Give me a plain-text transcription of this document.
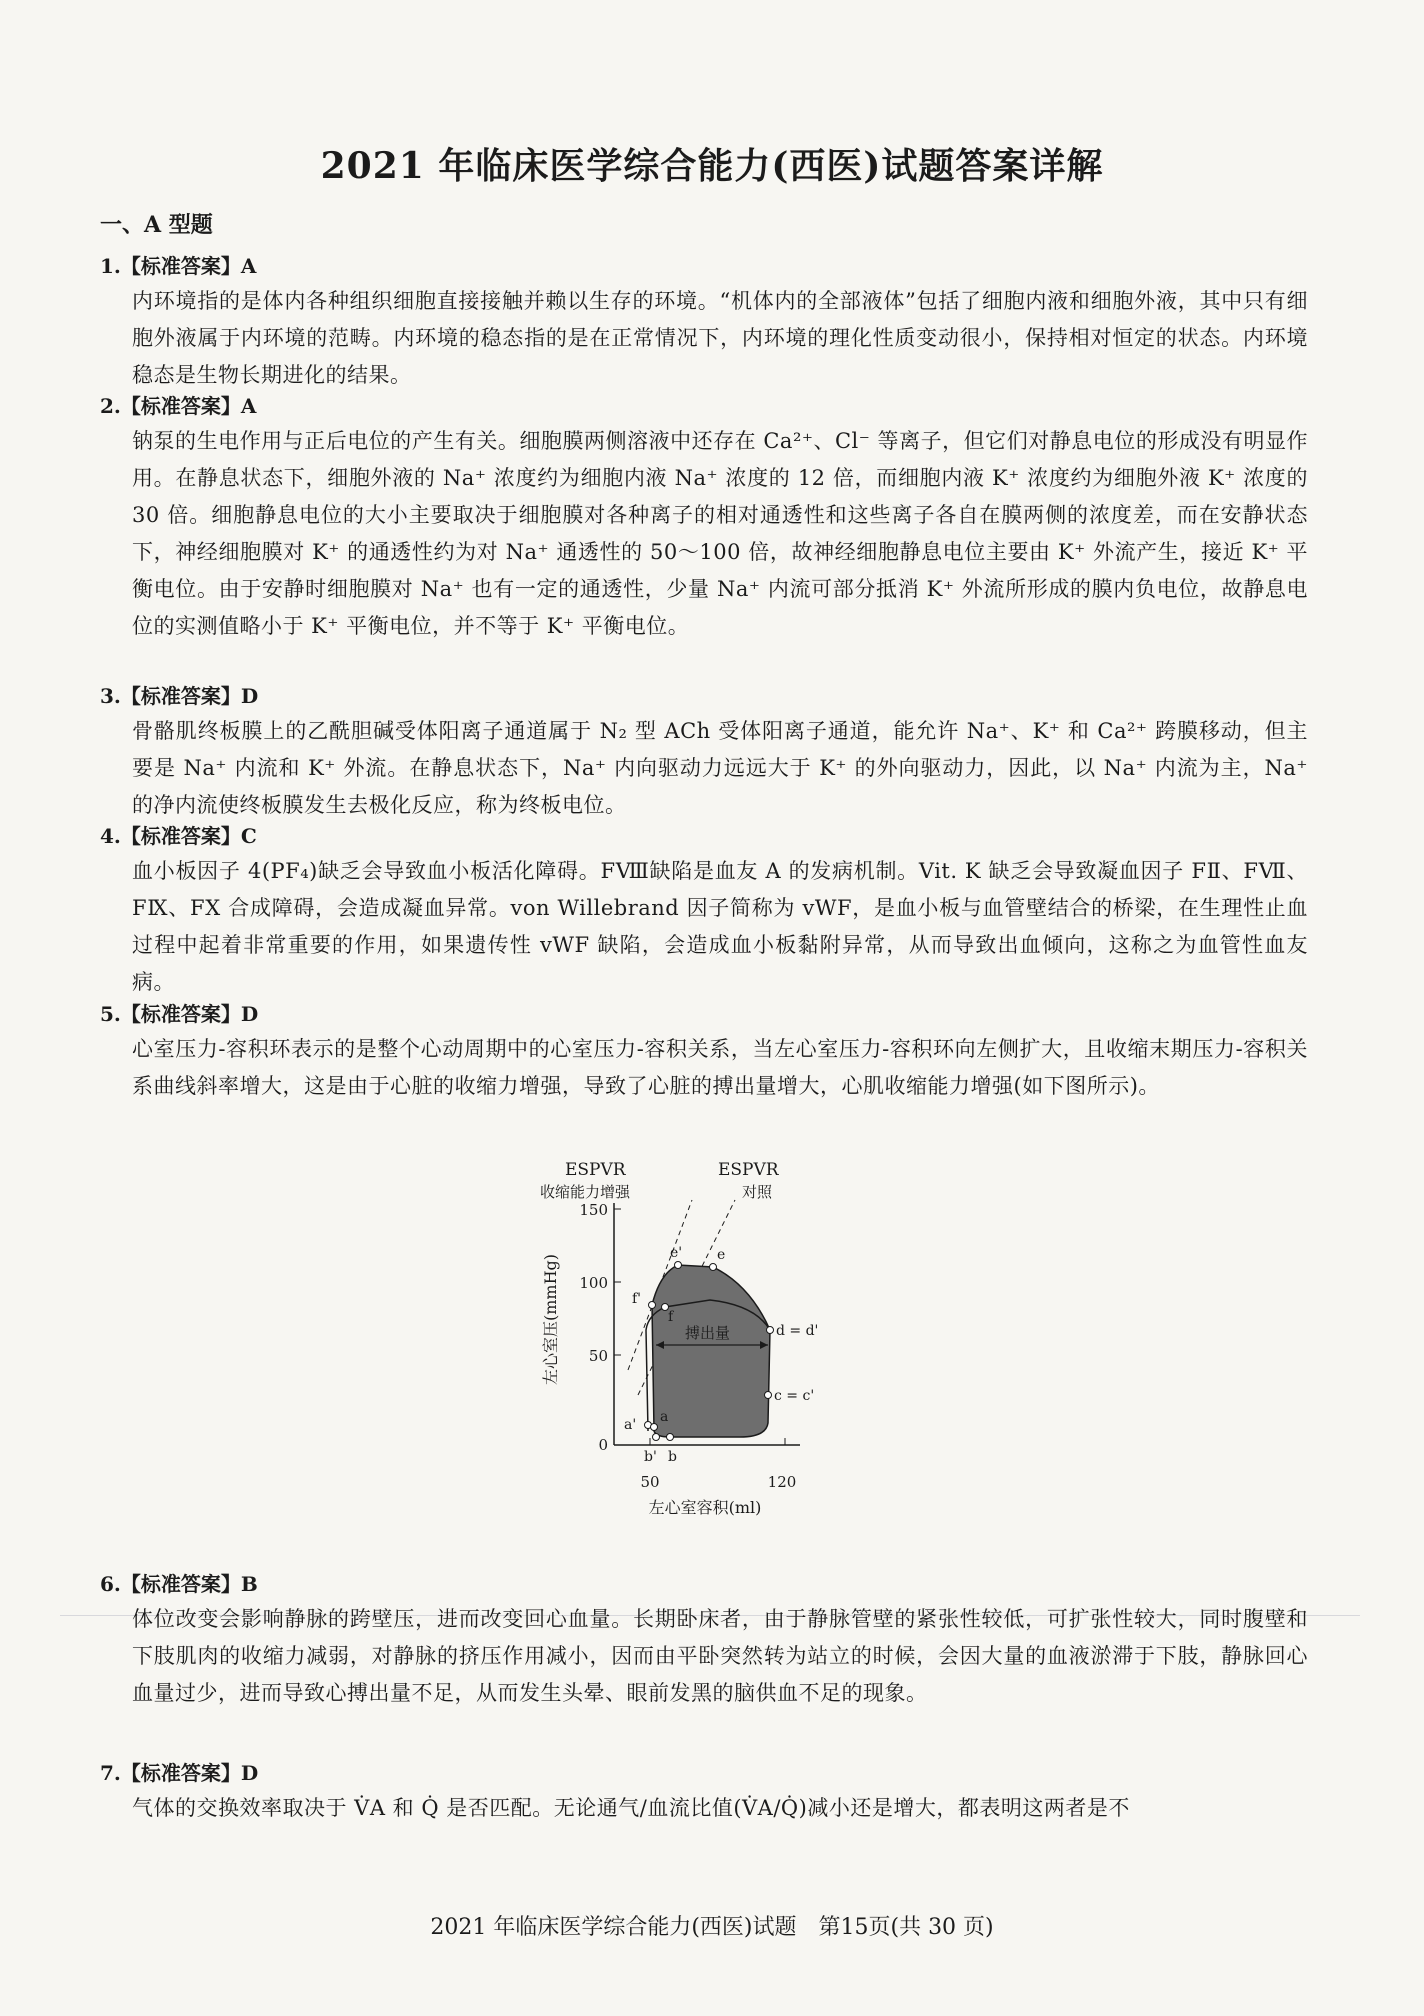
2021 年临床医学综合能力(西医)试题答案详解

一、A 型题

1.【标准答案】A

内环境指的是体内各种组织细胞直接接触并赖以生存的环境。“机体内的全部液体”包括了细胞内液和细胞外液，其中只有细胞外液属于内环境的范畴。内环境的稳态指的是在正常情况下，内环境的理化性质变动很小，保持相对恒定的状态。内环境稳态是生物长期进化的结果。

2.【标准答案】A

钠泵的生电作用与正后电位的产生有关。细胞膜两侧溶液中还存在 Ca²⁺、Cl⁻ 等离子，但它们对静息电位的形成没有明显作用。在静息状态下，细胞外液的 Na⁺ 浓度约为细胞内液 Na⁺ 浓度的 12 倍，而细胞内液 K⁺ 浓度约为细胞外液 K⁺ 浓度的 30 倍。细胞静息电位的大小主要取决于细胞膜对各种离子的相对通透性和这些离子各自在膜两侧的浓度差，而在安静状态下，神经细胞膜对 K⁺ 的通透性约为对 Na⁺ 通透性的 50～100 倍，故神经细胞静息电位主要由 K⁺ 外流产生，接近 K⁺ 平衡电位。由于安静时细胞膜对 Na⁺ 也有一定的通透性，少量 Na⁺ 内流可部分抵消 K⁺ 外流所形成的膜内负电位，故静息电位的实测值略小于 K⁺ 平衡电位，并不等于 K⁺ 平衡电位。

3.【标准答案】D

骨骼肌终板膜上的乙酰胆碱受体阳离子通道属于 N₂ 型 ACh 受体阳离子通道，能允许 Na⁺、K⁺ 和 Ca²⁺ 跨膜移动，但主要是 Na⁺ 内流和 K⁺ 外流。在静息状态下，Na⁺ 内向驱动力远远大于 K⁺ 的外向驱动力，因此，以 Na⁺ 内流为主，Na⁺ 的净内流使终板膜发生去极化反应，称为终板电位。

4.【标准答案】C

血小板因子 4(PF₄)缺乏会导致血小板活化障碍。FⅧ缺陷是血友 A 的发病机制。Vit. K 缺乏会导致凝血因子 FⅡ、FⅦ、FⅨ、FⅩ 合成障碍，会造成凝血异常。von Willebrand 因子简称为 vWF，是血小板与血管壁结合的桥梁，在生理性止血过程中起着非常重要的作用，如果遗传性 vWF 缺陷，会造成血小板黏附异常，从而导致出血倾向，这称之为血管性血友病。

5.【标准答案】D

心室压力-容积环表示的是整个心动周期中的心室压力-容积关系，当左心室压力-容积环向左侧扩大，且收缩末期压力-容积关系曲线斜率增大，这是由于心脏的收缩力增强，导致了心脏的搏出量增大，心肌收缩能力增强(如下图所示)。

ESPVR
收缩能力增强
ESPVR
对照
150
100
50
0
左心室压(mmHg)
50	120
左心室容积(ml)
搏出量
e' e
f'
f
d = d'
c = c'
a' a
b' b

6.【标准答案】B

体位改变会影响静脉的跨壁压，进而改变回心血量。长期卧床者，由于静脉管壁的紧张性较低，可扩张性较大，同时腹壁和下肢肌肉的收缩力减弱，对静脉的挤压作用减小，因而由平卧突然转为站立的时候，会因大量的血液淤滞于下肢，静脉回心血量过少，进而导致心搏出量不足，从而发生头晕、眼前发黑的脑供血不足的现象。

7.【标准答案】D

气体的交换效率取决于 V̇A 和 Q̇ 是否匹配。无论通气/血流比值(V̇A/Q̇)减小还是增大，都表明这两者是不

2021 年临床医学综合能力(西医)试题　第15页(共 30 页)
